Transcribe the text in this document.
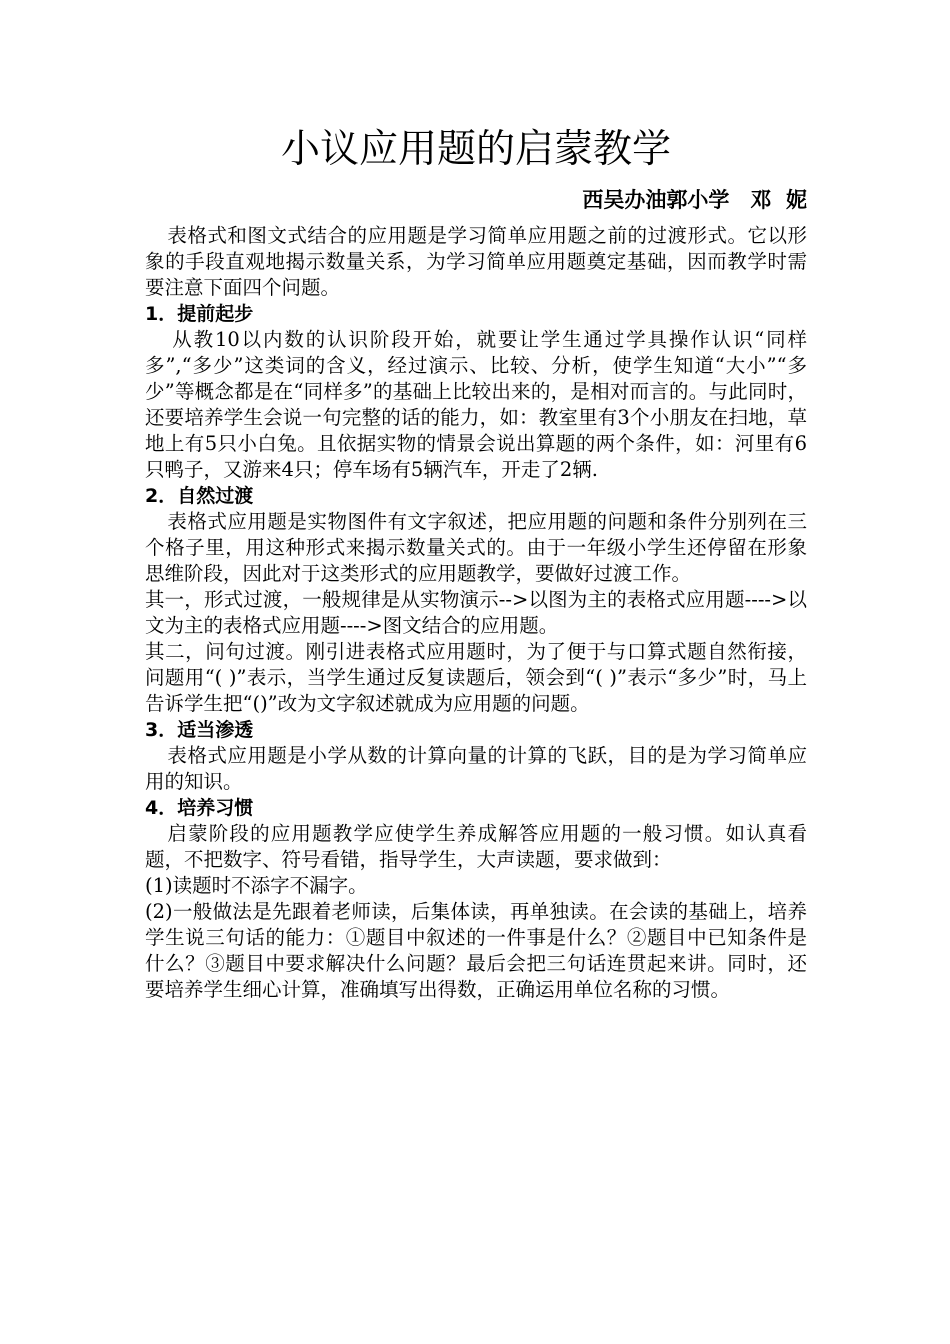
小议应用题的启蒙教学
西吴办油郭小学　邓  妮

表格式和图文式结合的应用题是学习简单应用题之前的过渡形式。它以形象的手段直观地揭示数量关系，为学习简单应用题奠定基础，因而教学时需要注意下面四个问题。

1．提前起步

从教10以内数的认识阶段开始，就要让学生通过学具操作认识“同样多”,“多少”这类词的含义，经过演示、比较、分析，使学生知道“大小”“多少”等概念都是在“同样多”的基础上比较出来的，是相对而言的。与此同时，还要培养学生会说一句完整的话的能力，如：教室里有3个小朋友在扫地，草地上有5只小白兔。且依据实物的情景会说出算题的两个条件，如：河里有6只鸭子，又游来4只；停车场有5辆汽车，开走了2辆.

2．自然过渡

表格式应用题是实物图件有文字叙述，把应用题的问题和条件分别列在三个格子里，用这种形式来揭示数量关式的。由于一年级小学生还停留在形象思维阶段，因此对于这类形式的应用题教学，要做好过渡工作。

其一，形式过渡，一般规律是从实物演示-->以图为主的表格式应用题---->以文为主的表格式应用题---->图文结合的应用题。

其二，问句过渡。刚引进表格式应用题时，为了便于与口算式题自然衔接，问题用“( )”表示，当学生通过反复读题后，领会到“( )”表示“多少”时，马上告诉学生把“()”改为文字叙述就成为应用题的问题。

3．适当渗透

表格式应用题是小学从数的计算向量的计算的飞跃，目的是为学习简单应用的知识。

4．培养习惯

启蒙阶段的应用题教学应使学生养成解答应用题的一般习惯。如认真看题，不把数字、符号看错，指导学生，大声读题，要求做到：

(1)读题时不添字不漏字。

(2)一般做法是先跟着老师读，后集体读，再单独读。在会读的基础上，培养学生说三句话的能力：①题目中叙述的一件事是什么？②题目中已知条件是什么？③题目中要求解决什么问题？最后会把三句话连贯起来讲。同时，还要培养学生细心计算，准确填写出得数，正确运用单位名称的习惯。
